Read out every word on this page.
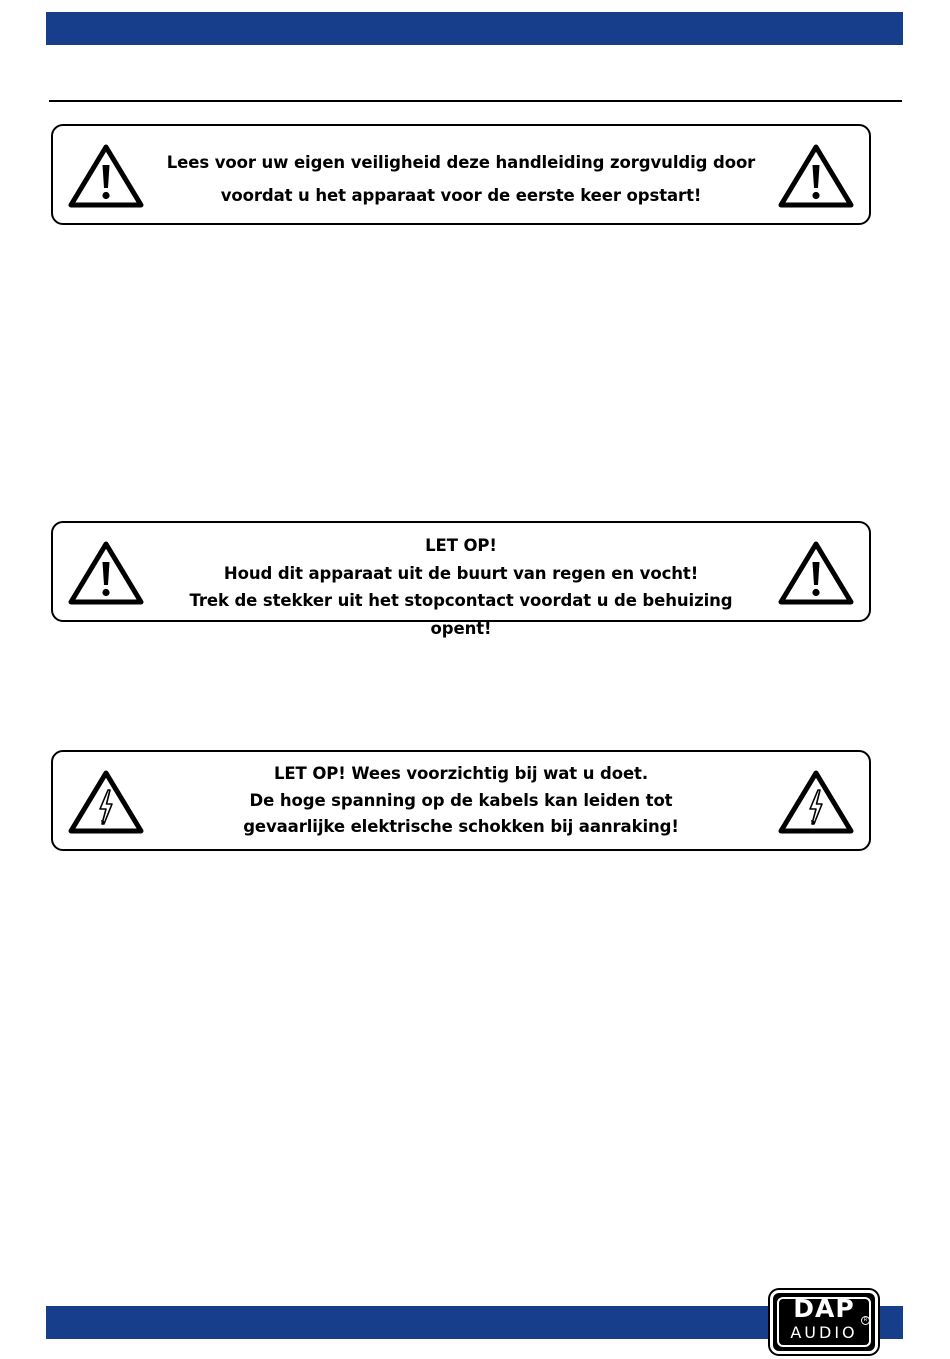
Lees voor uw eigen veiligheid deze handleiding zorgvuldig door
voordat u het apparaat voor de eerste keer opstart!
LET OP!
Houd dit apparaat uit de buurt van regen en vocht!
Trek de stekker uit het stopcontact voordat u de behuizing opent!
LET OP! Wees voorzichtig bij wat u doet.
De hoge spanning op de kabels kan leiden tot
gevaarlijke elektrische schokken bij aanraking!
DAP	R
AUDIO
